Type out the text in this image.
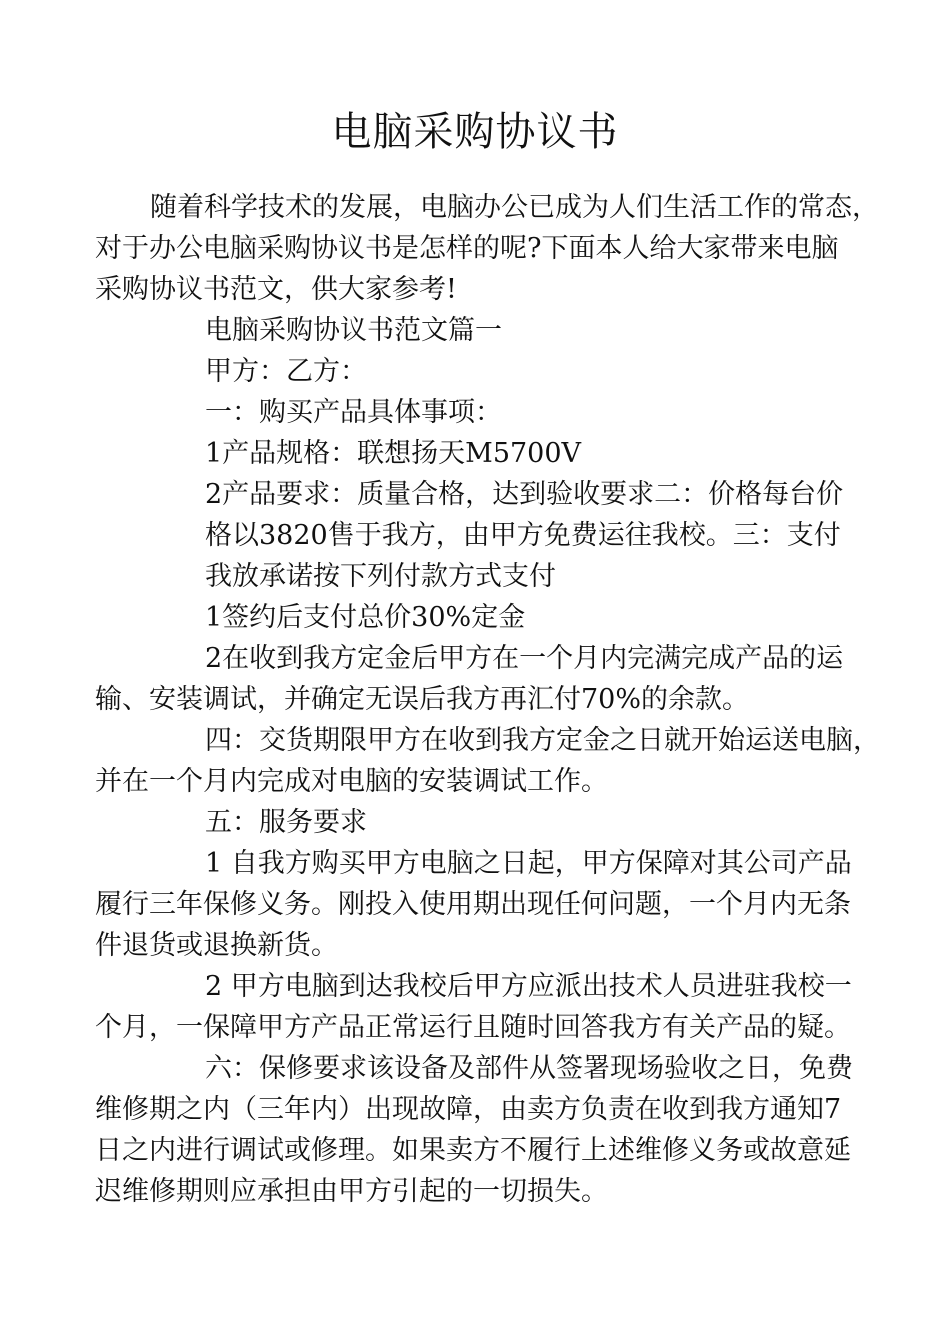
电脑采购协议书
随着科学技术的发展，电脑办公已成为人们生活工作的常态，
对于办公电脑采购协议书是怎样的呢?下面本人给大家带来电脑
采购协议书范文，供大家参考!
电脑采购协议书范文篇一
甲方：乙方：
一：购买产品具体事项：
1产品规格：联想扬天M5700V
2产品要求：质量合格，达到验收要求二：价格每台价
格以3820售于我方，由甲方免费运往我校。三：支付
我放承诺按下列付款方式支付
1签约后支付总价30%定金
2在收到我方定金后甲方在一个月内完满完成产品的运
输、安装调试，并确定无误后我方再汇付70%的余款。
四：交货期限甲方在收到我方定金之日就开始运送电脑，
并在一个月内完成对电脑的安装调试工作。
五：服务要求
1 自我方购买甲方电脑之日起，甲方保障对其公司产品
履行三年保修义务。刚投入使用期出现任何问题，一个月内无条
件退货或退换新货。
2 甲方电脑到达我校后甲方应派出技术人员进驻我校一
个月，一保障甲方产品正常运行且随时回答我方有关产品的疑。
六：保修要求该设备及部件从签署现场验收之日，免费
维修期之内（三年内）出现故障，由卖方负责在收到我方通知7
日之内进行调试或修理。如果卖方不履行上述维修义务或故意延
迟维修期则应承担由甲方引起的一切损失。
